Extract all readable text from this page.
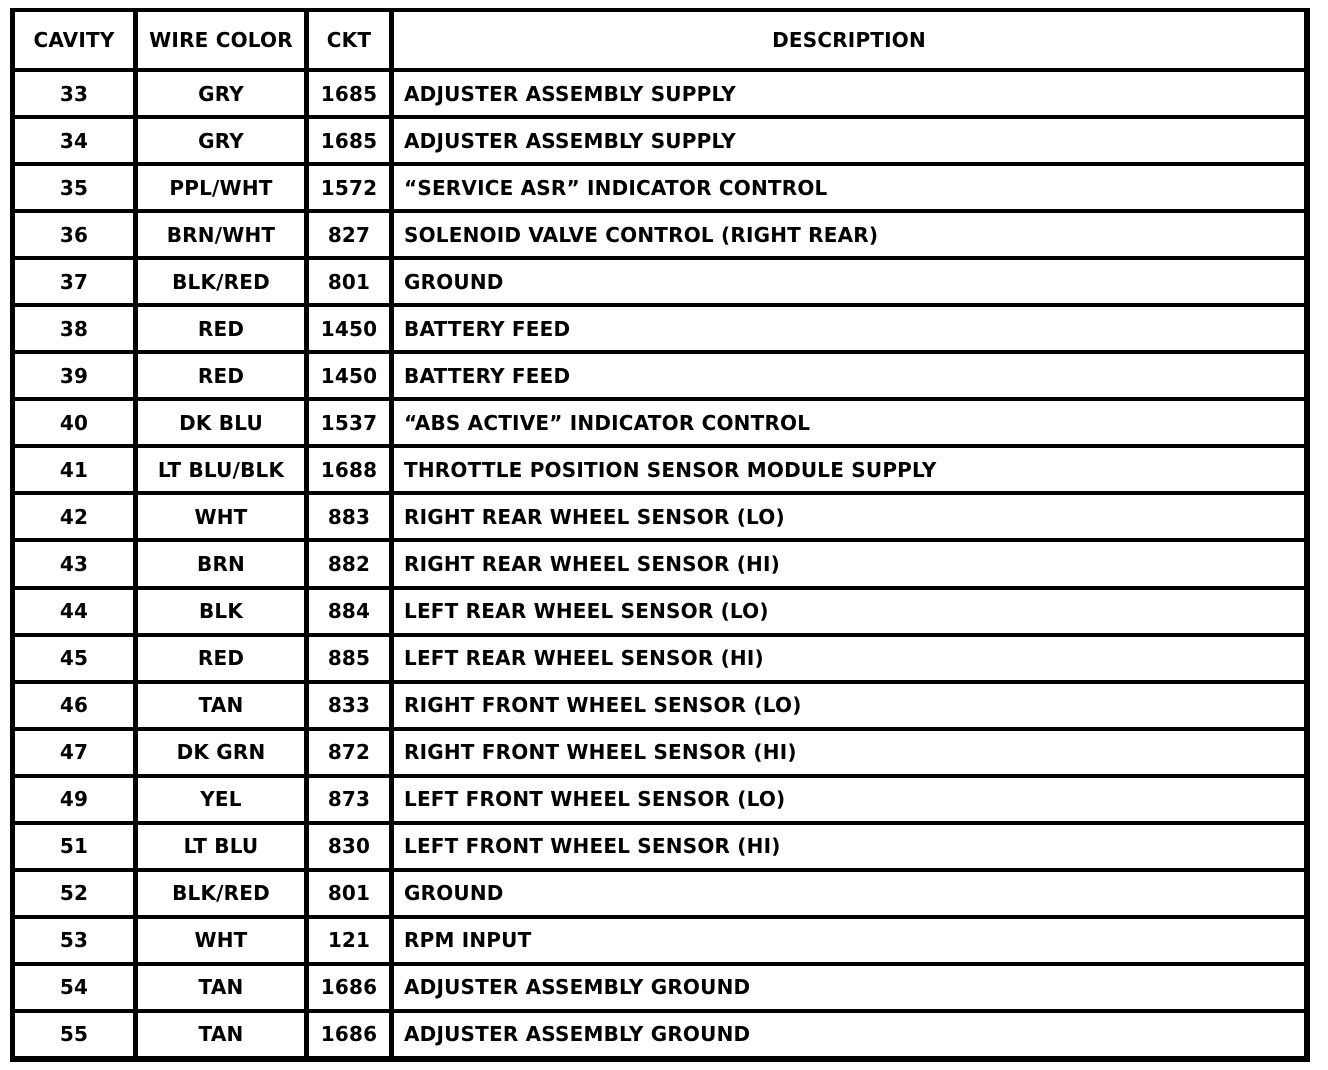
CAVITY	WIRE COLOR	CKT	DESCRIPTION
33	GRY	1685	ADJUSTER ASSEMBLY SUPPLY
34	GRY	1685	ADJUSTER ASSEMBLY SUPPLY
35	PPL/WHT	1572	“SERVICE ASR” INDICATOR CONTROL
36	BRN/WHT	827	SOLENOID VALVE CONTROL (RIGHT REAR)
37	BLK/RED	801	GROUND
38	RED	1450	BATTERY FEED
39	RED	1450	BATTERY FEED
40	DK BLU	1537	“ABS ACTIVE” INDICATOR CONTROL
41	LT BLU/BLK	1688	THROTTLE POSITION SENSOR MODULE SUPPLY
42	WHT	883	RIGHT REAR WHEEL SENSOR (LO)
43	BRN	882	RIGHT REAR WHEEL SENSOR (HI)
44	BLK	884	LEFT REAR WHEEL SENSOR (LO)
45	RED	885	LEFT REAR WHEEL SENSOR (HI)
46	TAN	833	RIGHT FRONT WHEEL SENSOR (LO)
47	DK GRN	872	RIGHT FRONT WHEEL SENSOR (HI)
49	YEL	873	LEFT FRONT WHEEL SENSOR (LO)
51	LT BLU	830	LEFT FRONT WHEEL SENSOR (HI)
52	BLK/RED	801	GROUND
53	WHT	121	RPM INPUT
54	TAN	1686	ADJUSTER ASSEMBLY GROUND
55	TAN	1686	ADJUSTER ASSEMBLY GROUND
